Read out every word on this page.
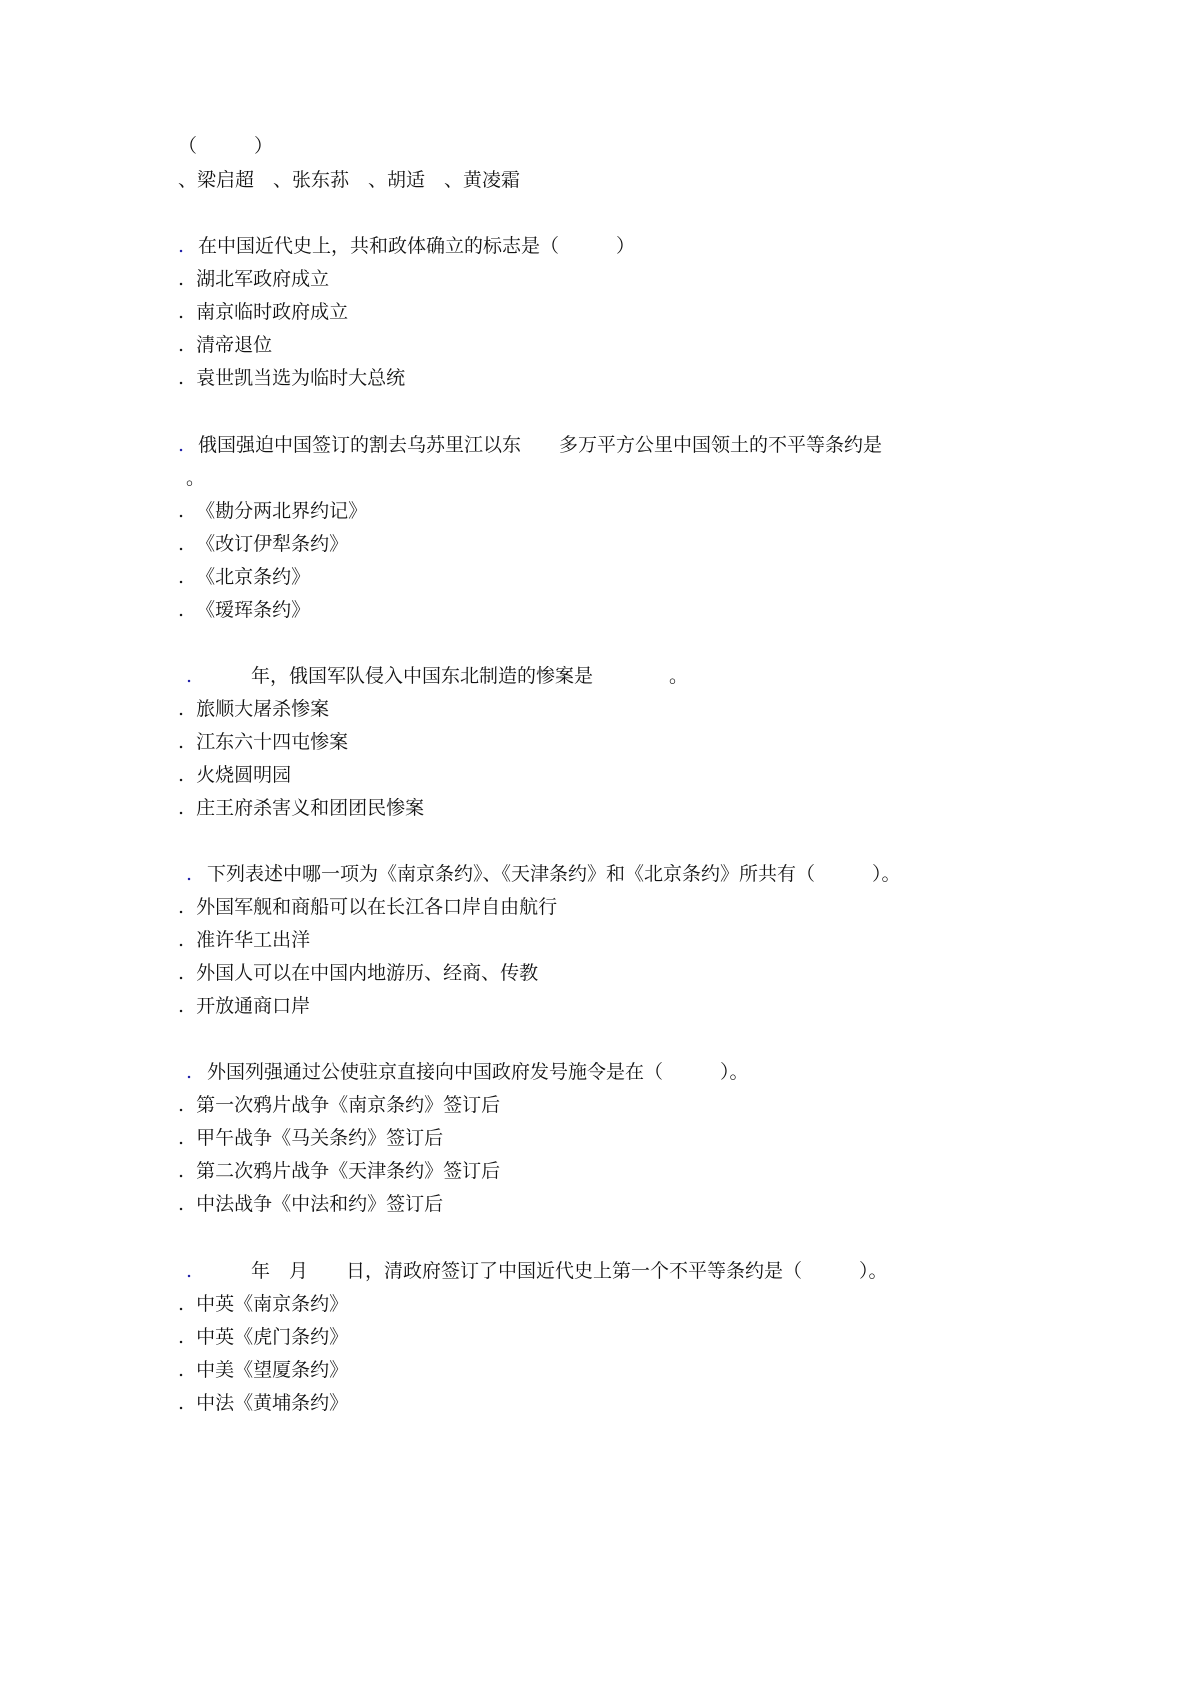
（　　　）
、梁启超　、张东荪　、胡适　、黄凌霜
. 在中国近代史上，共和政体确立的标志是（　　　）
.  湖北军政府成立
.  南京临时政府成立
.  清帝退位
.  袁世凯当选为临时大总统
. 俄国强迫中国签订的割去乌苏里江以东　　多万平方公里中国领土的不平等条约是
。
.  《勘分两北界约记》
.  《改订伊犁条约》
.  《北京条约》
.  《瑷珲条约》
.	年，俄国军队侵入中国东北制造的惨案是　　　　。
.  旅顺大屠杀惨案
.  江东六十四屯惨案
.  火烧圆明园
.  庄王府杀害义和团团民惨案
. 下列表述中哪一项为《南京条约》、《天津条约》和《北京条约》所共有（　　　）。
.  外国军舰和商船可以在长江各口岸自由航行
.  准许华工出洋
.  外国人可以在中国内地游历、经商、传教
.  开放通商口岸
. 外国列强通过公使驻京直接向中国政府发号施令是在（　　　）。
.  第一次鸦片战争《南京条约》签订后
.  甲午战争《马关条约》签订后
.  第二次鸦片战争《天津条约》签订后
.  中法战争《中法和约》签订后
.	年　月　　日，清政府签订了中国近代史上第一个不平等条约是（　　　）。
.  中英《南京条约》
.  中英《虎门条约》
.  中美《望厦条约》
.  中法《黄埔条约》
